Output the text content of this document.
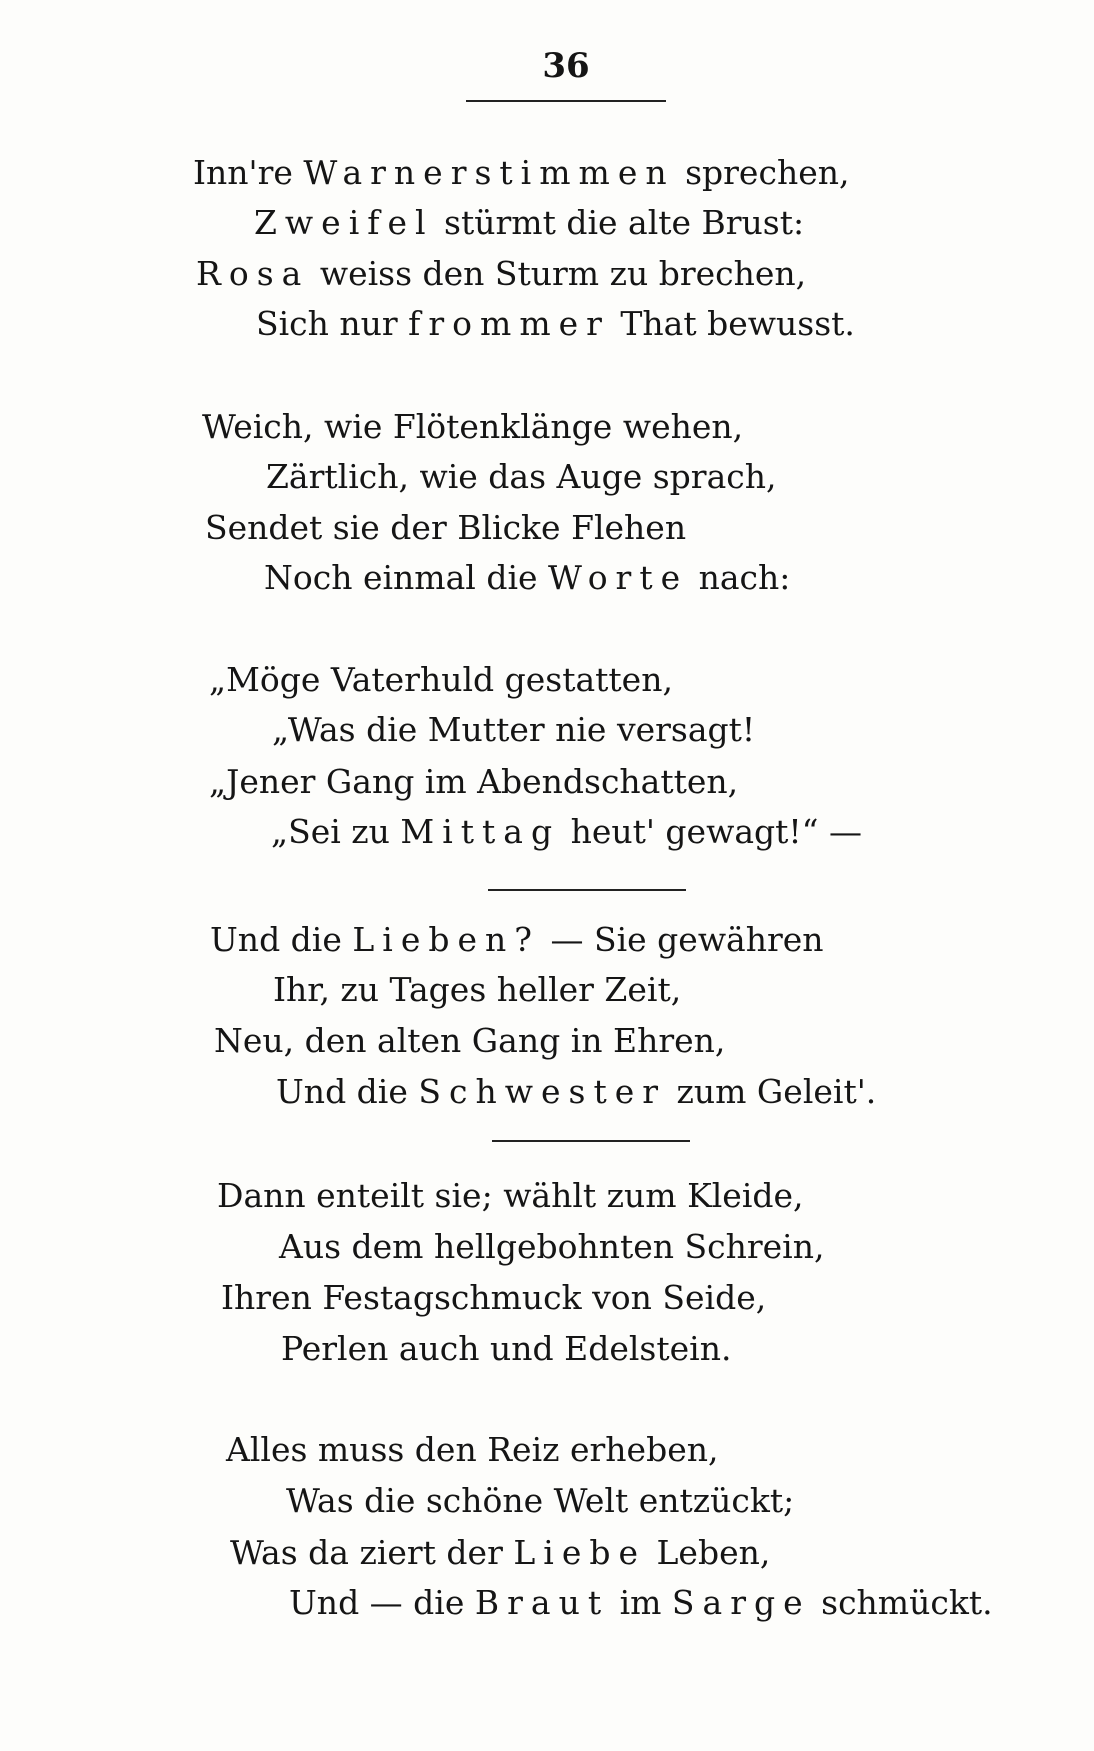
36
Inn're Warnerstimmen sprechen,
Zweifel stürmt die alte Brust:
Rosa weiss den Sturm zu brechen,
Sich nur frommer That bewusst.
Weich, wie Flötenklänge wehen,
Zärtlich, wie das Auge sprach,
Sendet sie der Blicke Flehen
Noch einmal die Worte nach:
„Möge Vaterhuld gestatten,
„Was die Mutter nie versagt!
„Jener Gang im Abendschatten,
„Sei zu Mittag heut' gewagt!“ —
Und die Lieben? — Sie gewähren
Ihr, zu Tages heller Zeit,
Neu, den alten Gang in Ehren,
Und die Schwester zum Geleit'.
Dann enteilt sie; wählt zum Kleide,
Aus dem hellgebohnten Schrein,
Ihren Festagschmuck von Seide,
Perlen auch und Edelstein.
Alles muss den Reiz erheben,
Was die schöne Welt entzückt;
Was da ziert der Liebe Leben,
Und — die Braut im Sarge schmückt.
